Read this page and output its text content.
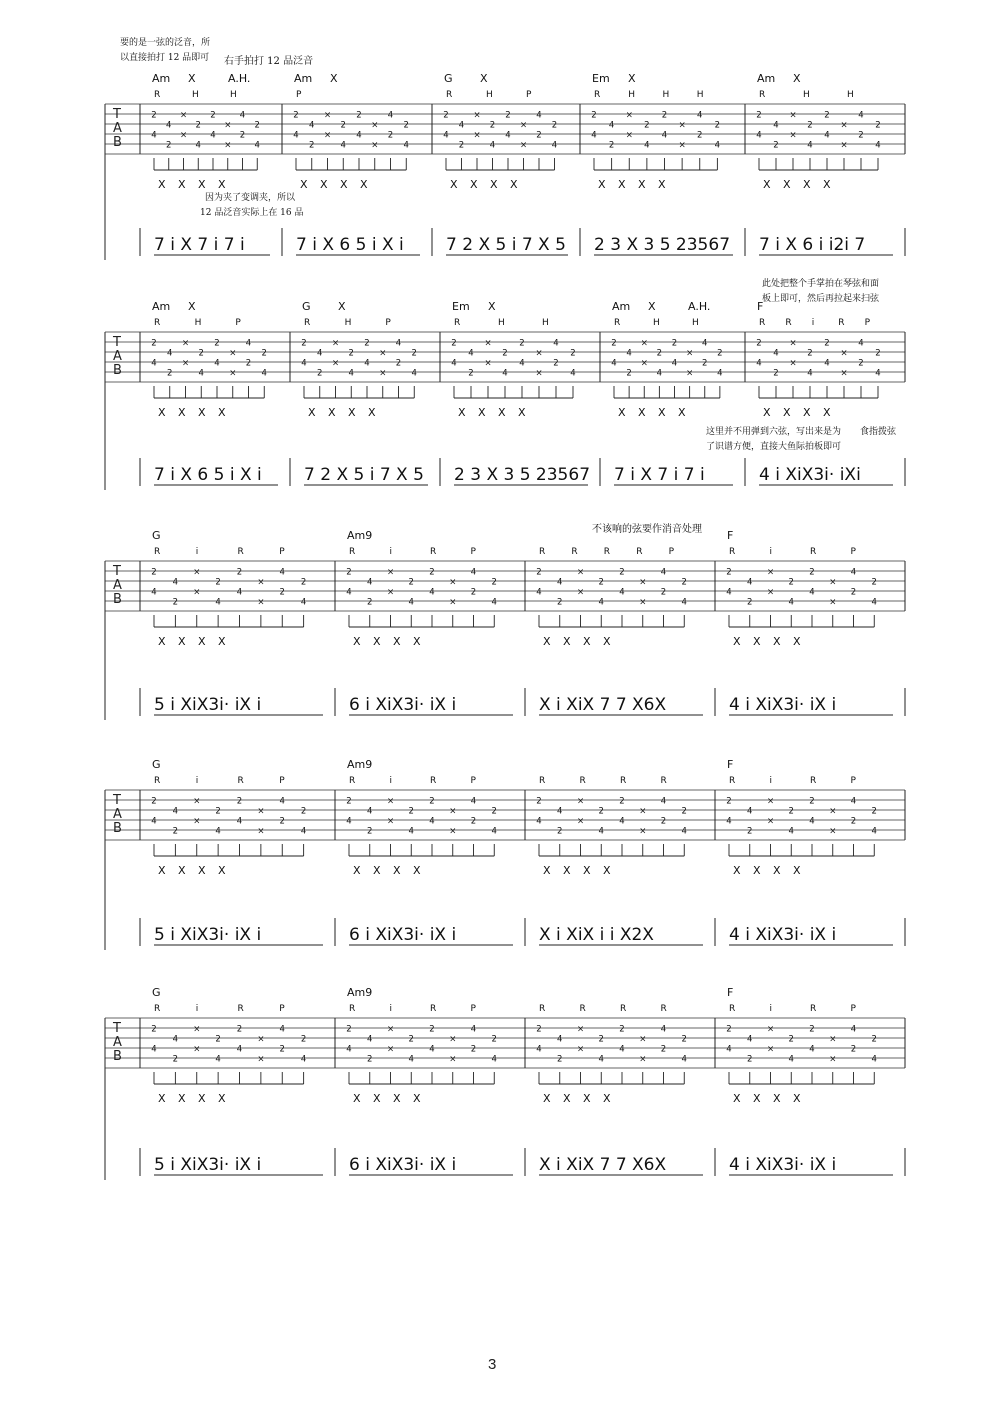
T
A
B
Am X	A.H.
R	H	H
2
4
4
2
×
×
2
4
2
4
×
×
4
2
2
4
X X X X
7 i X 7 i 7 i
Am X
P
2
4
4
2
×
×
2
4
2
4
×
×
4
2
2
4
X X X X
7 i X 6 5 i X i
G X
R	H	P
2
4
4
2
×
×
2
4
2
4
×
×
4
2
2
4
X X X X
7 2 X 5 i 7 X 5
Em X
R	H	H	H
2
4
4
2
×
×
2
4
2
4
×
×
4
2
2
4
X X X X
2 3 X 3 5 23567
Am X
R	H	H
2
4
4
2
×
×
2
4
2
4
×
×
4
2
2
4
X X X X
7 i X 6 i i2i 7
T
A
B
Am X
R	H	P
2
4
4
2
×
×
2
4
2
4
×
×
4
2
2
4
X X X X
7 i X 6 5 i X i
G X
R	H	P
2
4
4
2
×
×
2
4
2
4
×
×
4
2
2
4
X X X X
7 2 X 5 i 7 X 5
Em X
R	H	H
2
4
4
2
×
×
2
4
2
4
×
×
4
2
2
4
X X X X
2 3 X 3 5 23567
Am X	A.H.
R	H	H
2
4
4
2
×
×
2
4
2
4
×
×
4
2
2
4
X X X X
7 i X 7 i 7 i
F
R R i	R P
2
4
4
2
×
×
2
4
2
4
×
×
4
2
2
4
X X X X
4 i XiX3i· iXi
T
A
B
G
R	i	R	P
2
4
4
2
×
×
2
4
2
4
×
×
4
2
2
4
X X X X
5 i XiX3i· iX i
Am9
R	i	R	P
2
4
4
2
×
×
2
4
2
4
×
×
4
2
2
4
X X X X
6 i XiX3i· iX i
R	R	R	R	P
2
4
4
2
×
×
2
4
2
4
×
×
4
2
2
4
X X X X
X i XiX 7 7 X6X
F
R	i	R	P
2
4
4
2
×
×
2
4
2
4
×
×
4
2
2
4
X X X X
4 i XiX3i· iX i
T
A
B
G
R	i	R	P
2
4
4
2
×
×
2
4
2
4
×
×
4
2
2
4
X X X X
5 i XiX3i· iX i
Am9
R	i	R	P
2
4
4
2
×
×
2
4
2
4
×
×
4
2
2
4
X X X X
6 i XiX3i· iX i
R	R	R	R
2
4
4
2
×
×
2
4
2
4
×
×
4
2
2
4
X X X X
X i XiX i i X2X
F
R	i	R	P
2
4
4
2
×
×
2
4
2
4
×
×
4
2
2
4
X X X X
4 i XiX3i· iX i
T
A
B
G
R	i	R	P
2
4
4
2
×
×
2
4
2
4
×
×
4
2
2
4
X X X X
5 i XiX3i· iX i
Am9
R	i	R	P
2
4
4
2
×
×
2
4
2
4
×
×
4
2
2
4
X X X X
6 i XiX3i· iX i
R	R	R	R
2
4
4
2
×
×
2
4
2
4
×
×
4
2
2
4
X X X X
X i XiX 7 7 X6X
F
R	i	R	P
2
4
4
2
×
×
2
4
2
4
×
×
4
2
2
4
X X X X
4 i XiX3i· iX i
要的是一弦的泛音，所
以直接拍打 12 品即可 右手拍打 12 品泛音
因为夹了变调夹，所以
12 品泛音实际上在 16 品
此处把整个手掌拍在琴弦和面
板上即可，然后再拉起来扫弦
这里并不用弹到六弦，写出来是为
了识谱方便，直接大鱼际拍板即可
食指拨弦
不该响的弦要作消音处理
3
